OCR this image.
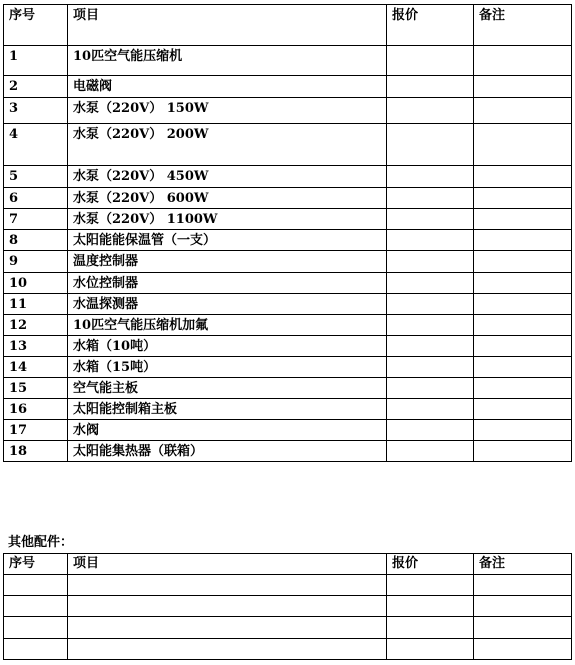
序号	项目	报价	备注
1	10匹空气能压缩机		
2	电磁阀		
3	水泵（220V） 150W		
4	水泵（220V） 200W		
5	水泵（220V） 450W		
6	水泵（220V） 600W		
7	水泵（220V） 1100W		
8	太阳能能保温管（一支）		
9	温度控制器		
10	水位控制器		
11	水温探测器		
12	10匹空气能压缩机加氟		
13	水箱（10吨）		
14	水箱（15吨）		
15	空气能主板		
16	太阳能控制箱主板		
17	水阀		
18	太阳能集热器（联箱）		

其他配件：

序号	项目	报价	备注
